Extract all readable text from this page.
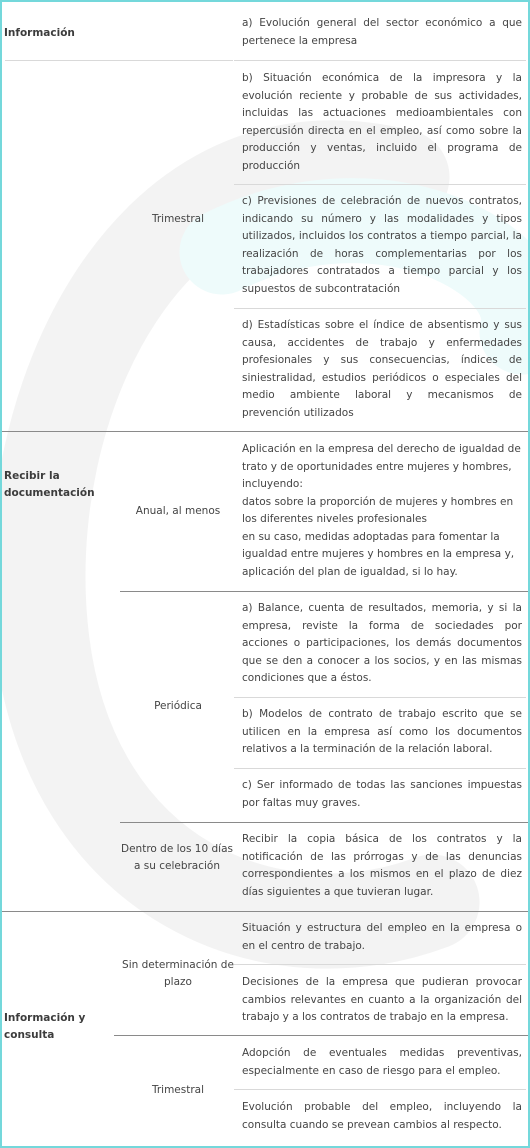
Información
Trimestral
a) Evolución general del sector económico a que pertenece la empresa
b) Situación económica de la impresora y la evolución reciente y probable de sus actividades, incluidas las actuaciones medioambientales con repercusión directa en el empleo, así como sobre la producción y ventas, incluido el programa de producción
c) Previsiones de celebración de nuevos contratos, indicando su número y las modalidades y tipos utilizados, incluidos los contratos a tiempo parcial, la realización de horas complementarias por los trabajadores contratados a tiempo parcial y los supuestos de subcontratación
d) Estadísticas sobre el índice de absentismo y sus causa, accidentes de trabajo y enfermedades profesionales y sus consecuencias, índices de siniestralidad, estudios periódicos o especiales del medio ambiente laboral y mecanismos de prevención utilizados
Recibir la documentación
Anual, al menos
Aplicación en la empresa del derecho de igualdad de trato y de oportunidades entre mujeres y hombres, incluyendo:
datos sobre la proporción de mujeres y hombres en los diferentes niveles profesionales
en su caso, medidas adoptadas para fomentar la igualdad entre mujeres y hombres en la empresa y, aplicación del plan de igualdad, si lo hay.
Periódica
a) Balance, cuenta de resultados, memoria, y si la empresa, reviste la forma de sociedades por acciones o participaciones, los demás documentos que se den a conocer a los socios, y en las mismas condiciones que a éstos.
b) Modelos de contrato de trabajo escrito que se utilicen en la empresa así como los documentos relativos a la terminación de la relación laboral.
c) Ser informado de todas las sanciones impuestas por faltas muy graves.
Dentro de los 10 días a su celebración
Recibir la copia básica de los contratos y la notificación de las prórrogas y de las denuncias correspondientes a los mismos en el plazo de diez días siguientes a que tuvieran lugar.
Información y consulta
Sin determinación de plazo
Situación y estructura del empleo en la empresa o en el centro de trabajo.
Decisiones de la empresa que pudieran provocar cambios relevantes en cuanto a la organización del trabajo y a los contratos de trabajo en la empresa.
Trimestral
Adopción de eventuales medidas preventivas, especialmente en caso de riesgo para el empleo.
Evolución probable del empleo, incluyendo la consulta cuando se prevean cambios al respecto.
